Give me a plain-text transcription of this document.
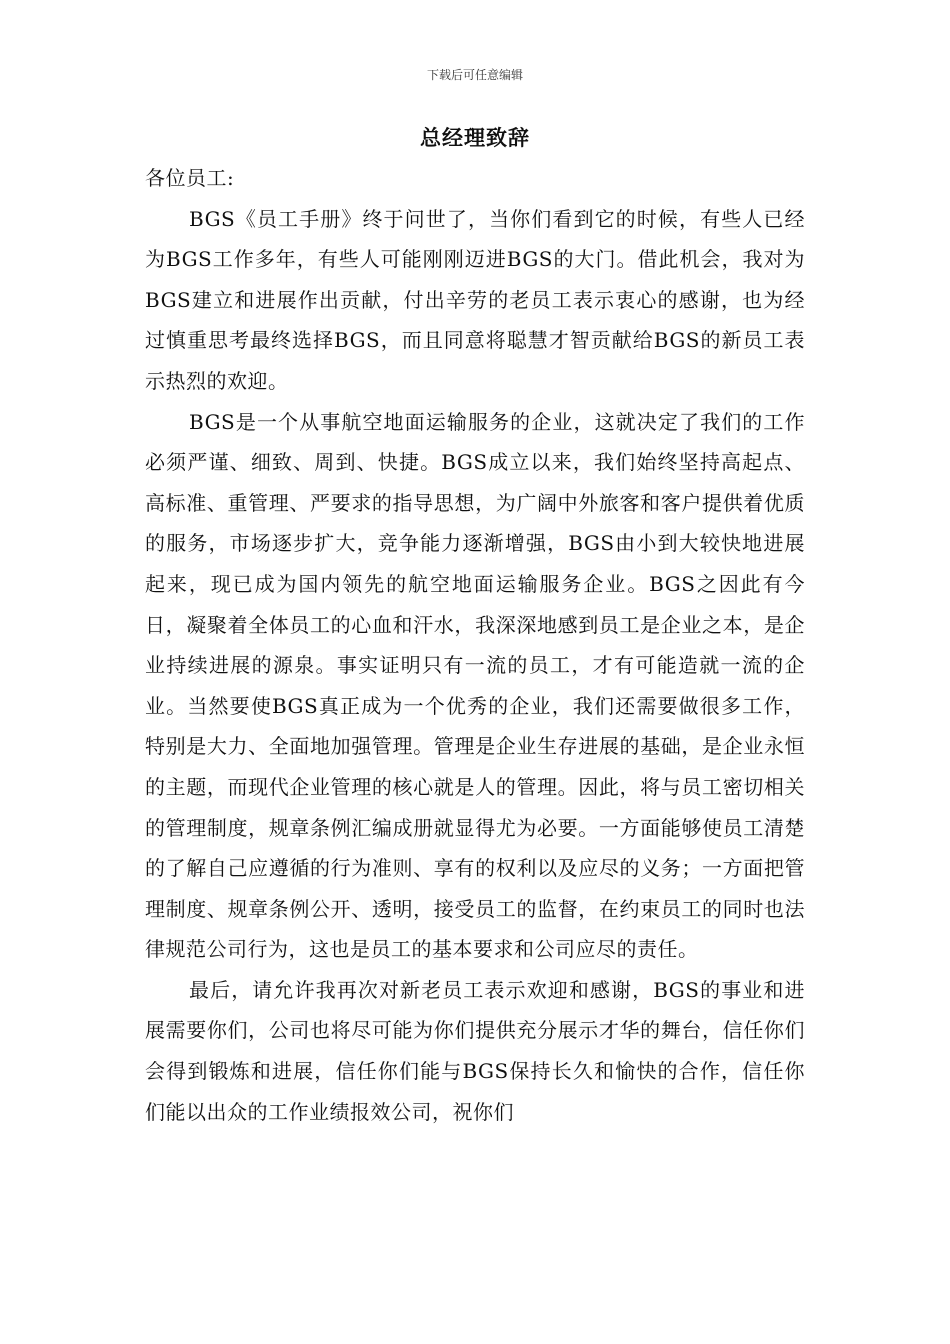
下载后可任意编辑
总经理致辞

各位员工:

BGS《员工手册》终于问世了，当你们看到它的时候，有些人已经为BGS工作多年，有些人可能刚刚迈进BGS的大门。借此机会，我对为BGS建立和进展作出贡献，付出辛劳的老员工表示衷心的感谢，也为经过慎重思考最终选择BGS，而且同意将聪慧才智贡献给BGS的新员工表示热烈的欢迎。

BGS是一个从事航空地面运输服务的企业，这就决定了我们的工作必须严谨、细致、周到、快捷。BGS成立以来，我们始终坚持高起点、高标准、重管理、严要求的指导思想，为广阔中外旅客和客户提供着优质的服务，市场逐步扩大，竞争能力逐渐增强，BGS由小到大较快地进展起来，现已成为国内领先的航空地面运输服务企业。BGS之因此有今日，凝聚着全体员工的心血和汗水，我深深地感到员工是企业之本，是企业持续进展的源泉。事实证明只有一流的员工，才有可能造就一流的企业。当然要使BGS真正成为一个优秀的企业，我们还需要做很多工作，特别是大力、全面地加强管理。管理是企业生存进展的基础，是企业永恒的主题，而现代企业管理的核心就是人的管理。因此，将与员工密切相关的管理制度，规章条例汇编成册就显得尤为必要。一方面能够使员工清楚的了解自己应遵循的行为准则、享有的权利以及应尽的义务；一方面把管理制度、规章条例公开、透明，接受员工的监督，在约束员工的同时也法律规范公司行为，这也是员工的基本要求和公司应尽的责任。

最后，请允许我再次对新老员工表示欢迎和感谢，BGS的事业和进展需要你们，公司也将尽可能为你们提供充分展示才华的舞台，信任你们会得到锻炼和进展，信任你们能与BGS保持长久和愉快的合作，信任你们能以出众的工作业绩报效公司，祝你们
